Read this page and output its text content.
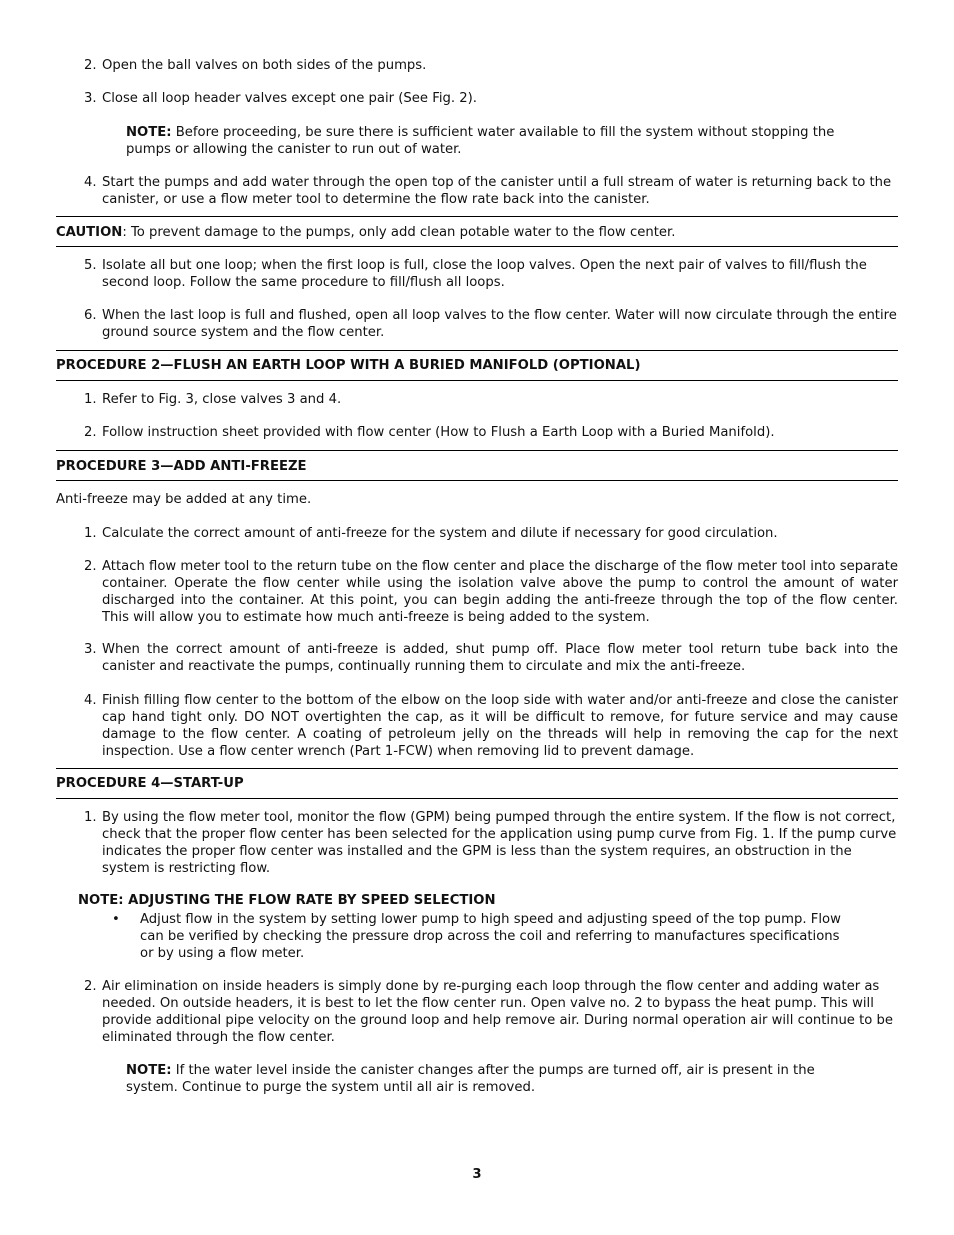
2. Open the ball valves on both sides of the pumps.
3. Close all loop header valves except one pair (See Fig. 2).
NOTE: Before proceeding, be sure there is sufficient water available to fill the system without stopping the pumps or allowing the canister to run out of water.
4. Start the pumps and add water through the open top of the canister until a full stream of water is returning back to the canister, or use a flow meter tool to determine the flow rate back into the canister.
CAUTION: To prevent damage to the pumps, only add clean potable water to the flow center.
5. Isolate all but one loop; when the first loop is full, close the loop valves. Open the next pair of valves to fill/flush the second loop. Follow the same procedure to fill/flush all loops.
6. When the last loop is full and flushed, open all loop valves to the flow center. Water will now circulate through the entire ground source system and the flow center.
PROCEDURE 2—FLUSH AN EARTH LOOP WITH A BURIED MANIFOLD (OPTIONAL)
1. Refer to Fig. 3, close valves 3 and 4.
2. Follow instruction sheet provided with flow center (How to Flush a Earth Loop with a Buried Manifold).
PROCEDURE 3—ADD ANTI-FREEZE
Anti-freeze may be added at any time.
1. Calculate the correct amount of anti-freeze for the system and dilute if necessary for good circulation.
2. Attach flow meter tool to the return tube on the flow center and place the discharge of the flow meter tool into separate container. Operate the flow center while using the isolation valve above the pump to control the amount of water discharged into the container. At this point, you can begin adding the anti-freeze through the top of the flow center. This will allow you to estimate how much anti-freeze is being added to the system.
3. When the correct amount of anti-freeze is added, shut pump off. Place flow meter tool return tube back into the canister and reactivate the pumps, continually running them to circulate and mix the anti-freeze.
4. Finish filling flow center to the bottom of the elbow on the loop side with water and/or anti-freeze and close the canister cap hand tight only. DO NOT overtighten the cap, as it will be difficult to remove, for future service and may cause damage to the flow center. A coating of petroleum jelly on the threads will help in removing the cap for the next inspection. Use a flow center wrench (Part 1-FCW) when removing lid to prevent damage.
PROCEDURE 4—START-UP
1. By using the flow meter tool, monitor the flow (GPM) being pumped through the entire system. If the flow is not correct, check that the proper flow center has been selected for the application using pump curve from Fig. 1. If the pump curve indicates the proper flow center was installed and the GPM is less than the system requires, an obstruction in the system is restricting flow.
NOTE: ADJUSTING THE FLOW RATE BY SPEED SELECTION
•	Adjust flow in the system by setting lower pump to high speed and adjusting speed of the top pump. Flow can be verified by checking the pressure drop across the coil and referring to manufactures specifications or by using a flow meter.
2. Air elimination on inside headers is simply done by re-purging each loop through the flow center and adding water as needed. On outside headers, it is best to let the flow center run. Open valve no. 2 to bypass the heat pump. This will provide additional pipe velocity on the ground loop and help remove air. During normal operation air will continue to be eliminated through the flow center.
NOTE: If the water level inside the canister changes after the pumps are turned off, air is present in the system. Continue to purge the system until all air is removed.
3
